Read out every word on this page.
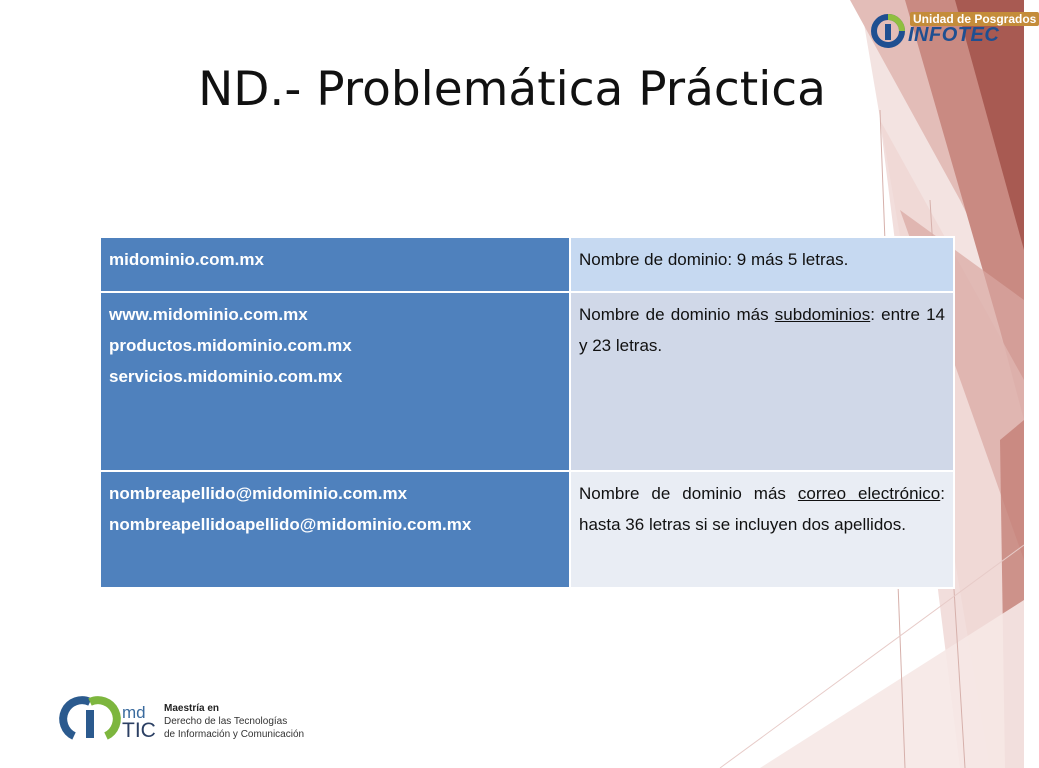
Unidad de Posgrados
INFOTEC
ND.- Problemática Práctica
midominio.com.mx	Nombre de dominio: 9 más 5 letras.

www.midominio.com.mx
productos.midominio.com.mx
servicios.midominio.com.mx	Nombre de dominio más subdominios: entre 14 y 23 letras.

nombreapellido@midominio.com.mx
nombreapellidoapellido@midominio.com.mx	Nombre de dominio más correo electrónico: hasta 36 letras si se incluyen dos apellidos.
md
TIC
Maestría en
Derecho de las Tecnologías
de Información y Comunicación
